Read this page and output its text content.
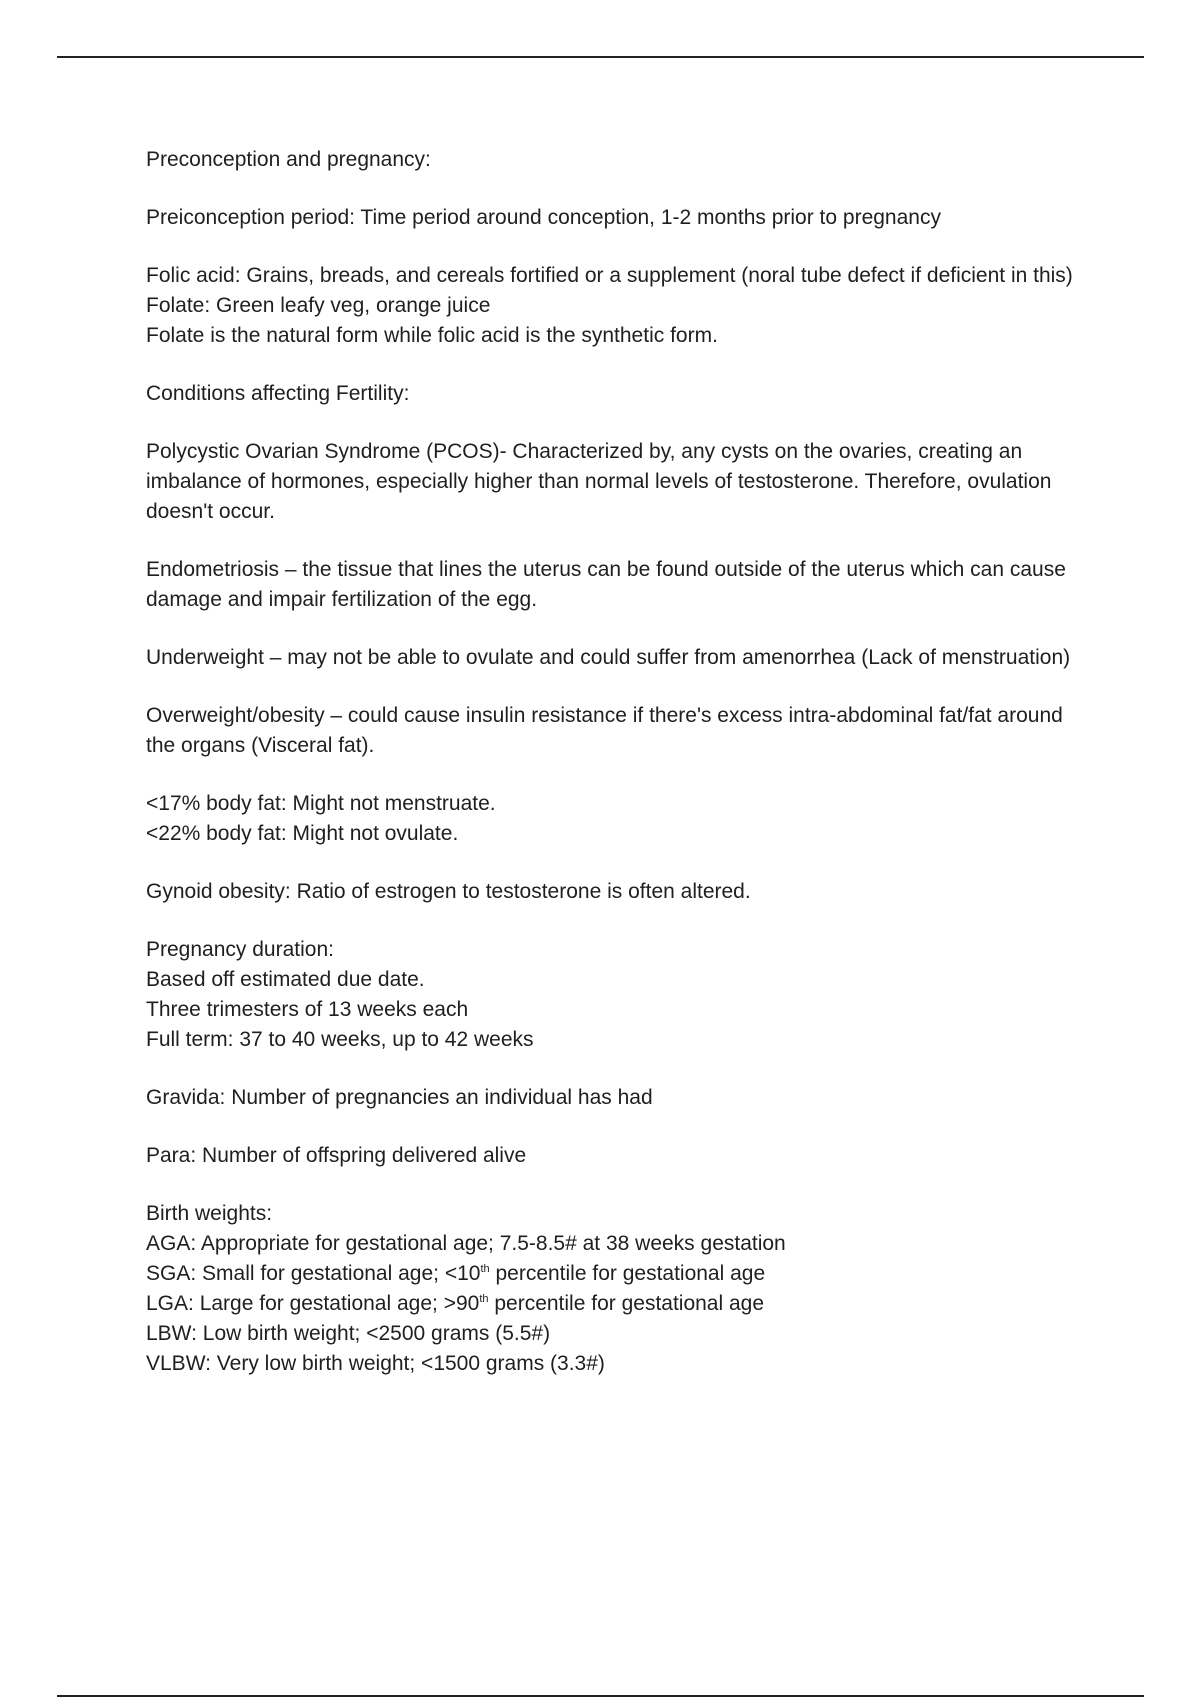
Preconception and pregnancy:

Preiconception period: Time period around conception, 1-2 months prior to pregnancy

Folic acid: Grains, breads, and cereals fortified or a supplement (noral tube defect if deficient in this)

Folate: Green leafy veg, orange juice

Folate is the natural form while folic acid is the synthetic form.

Conditions affecting Fertility:

Polycystic Ovarian Syndrome (PCOS)- Characterized by, any cysts on the ovaries, creating an imbalance of hormones, especially higher than normal levels of testosterone. Therefore, ovulation doesn't occur.

Endometriosis – the tissue that lines the uterus can be found outside of the uterus which can cause damage and impair fertilization of the egg.

Underweight – may not be able to ovulate and could suffer from amenorrhea (Lack of menstruation)

Overweight/obesity – could cause insulin resistance if there's excess intra-abdominal fat/fat around the organs (Visceral fat).

<17% body fat: Might not menstruate.

<22% body fat: Might not ovulate.

Gynoid obesity: Ratio of estrogen to testosterone is often altered.

Pregnancy duration:

Based off estimated due date.

Three trimesters of 13 weeks each

Full term: 37 to 40 weeks, up to 42 weeks

Gravida: Number of pregnancies an individual has had

Para: Number of offspring delivered alive

Birth weights:

AGA: Appropriate for gestational age; 7.5-8.5# at 38 weeks gestation

SGA: Small for gestational age; <10th percentile for gestational age

LGA: Large for gestational age; >90th percentile for gestational age

LBW: Low birth weight; <2500 grams (5.5#)

VLBW: Very low birth weight; <1500 grams (3.3#)
